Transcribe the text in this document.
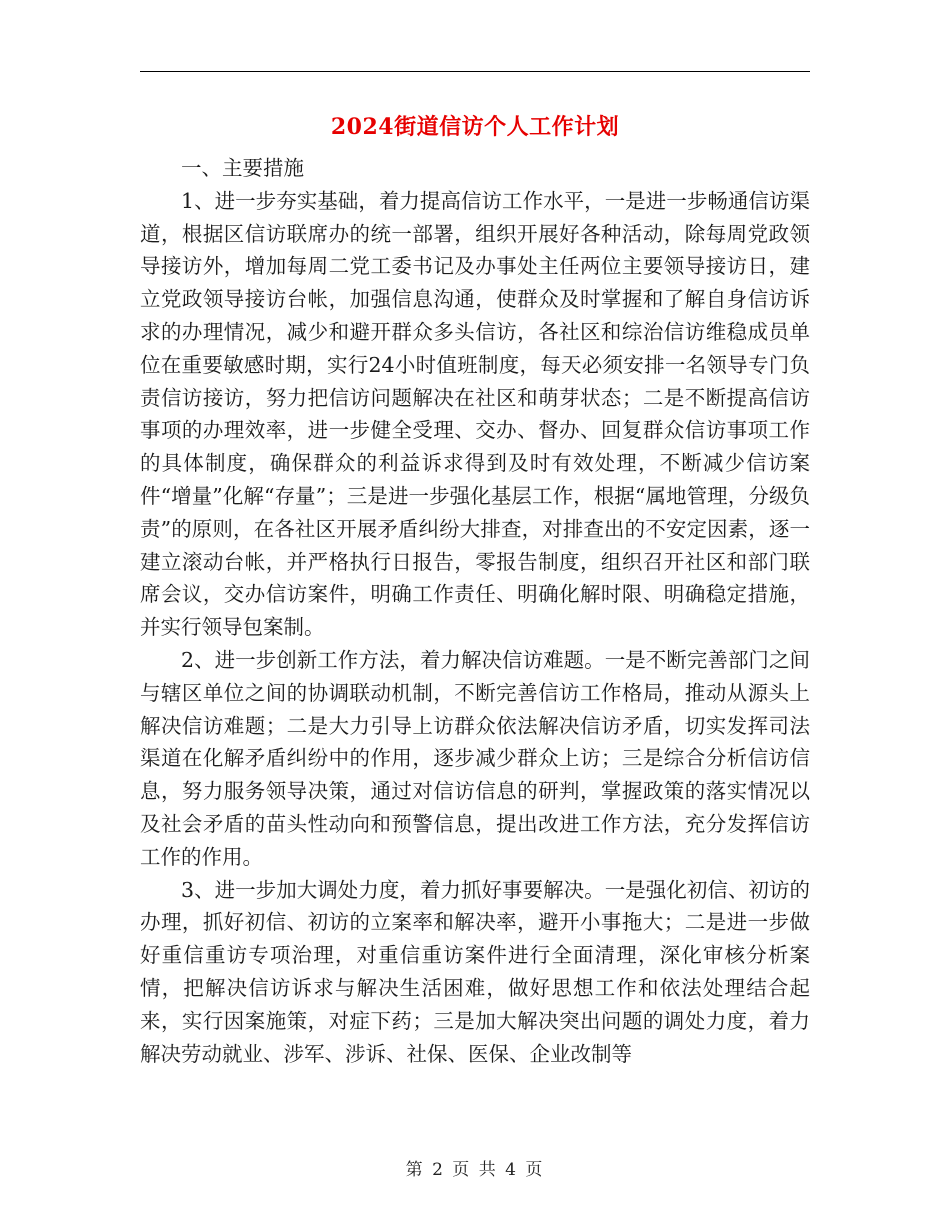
2024街道信访个人工作计划

一、主要措施

1、进一步夯实基础，着力提高信访工作水平，一是进一步畅通信访渠道，根据区信访联席办的统一部署，组织开展好各种活动，除每周党政领导接访外，增加每周二党工委书记及办事处主任两位主要领导接访日，建立党政领导接访台帐，加强信息沟通，使群众及时掌握和了解自身信访诉求的办理情况，减少和避开群众多头信访，各社区和综治信访维稳成员单位在重要敏感时期，实行24小时值班制度，每天必须安排一名领导专门负责信访接访，努力把信访问题解决在社区和萌芽状态；二是不断提高信访事项的办理效率，进一步健全受理、交办、督办、回复群众信访事项工作的具体制度，确保群众的利益诉求得到及时有效处理，不断减少信访案件“增量”化解“存量”；三是进一步强化基层工作，根据“属地管理，分级负责”的原则，在各社区开展矛盾纠纷大排查，对排查出的不安定因素，逐一建立滚动台帐，并严格执行日报告，零报告制度，组织召开社区和部门联席会议，交办信访案件，明确工作责任、明确化解时限、明确稳定措施，并实行领导包案制。

2、进一步创新工作方法，着力解决信访难题。一是不断完善部门之间与辖区单位之间的协调联动机制，不断完善信访工作格局，推动从源头上解决信访难题；二是大力引导上访群众依法解决信访矛盾，切实发挥司法渠道在化解矛盾纠纷中的作用，逐步减少群众上访；三是综合分析信访信息，努力服务领导决策，通过对信访信息的研判，掌握政策的落实情况以及社会矛盾的苗头性动向和预警信息，提出改进工作方法，充分发挥信访工作的作用。

3、进一步加大调处力度，着力抓好事要解决。一是强化初信、初访的办理，抓好初信、初访的立案率和解决率，避开小事拖大；二是进一步做好重信重访专项治理，对重信重访案件进行全面清理，深化审核分析案情，把解决信访诉求与解决生活困难，做好思想工作和依法处理结合起来，实行因案施策，对症下药；三是加大解决突出问题的调处力度，着力解决劳动就业、涉军、涉诉、社保、医保、企业改制等

第 2 页 共 4 页
